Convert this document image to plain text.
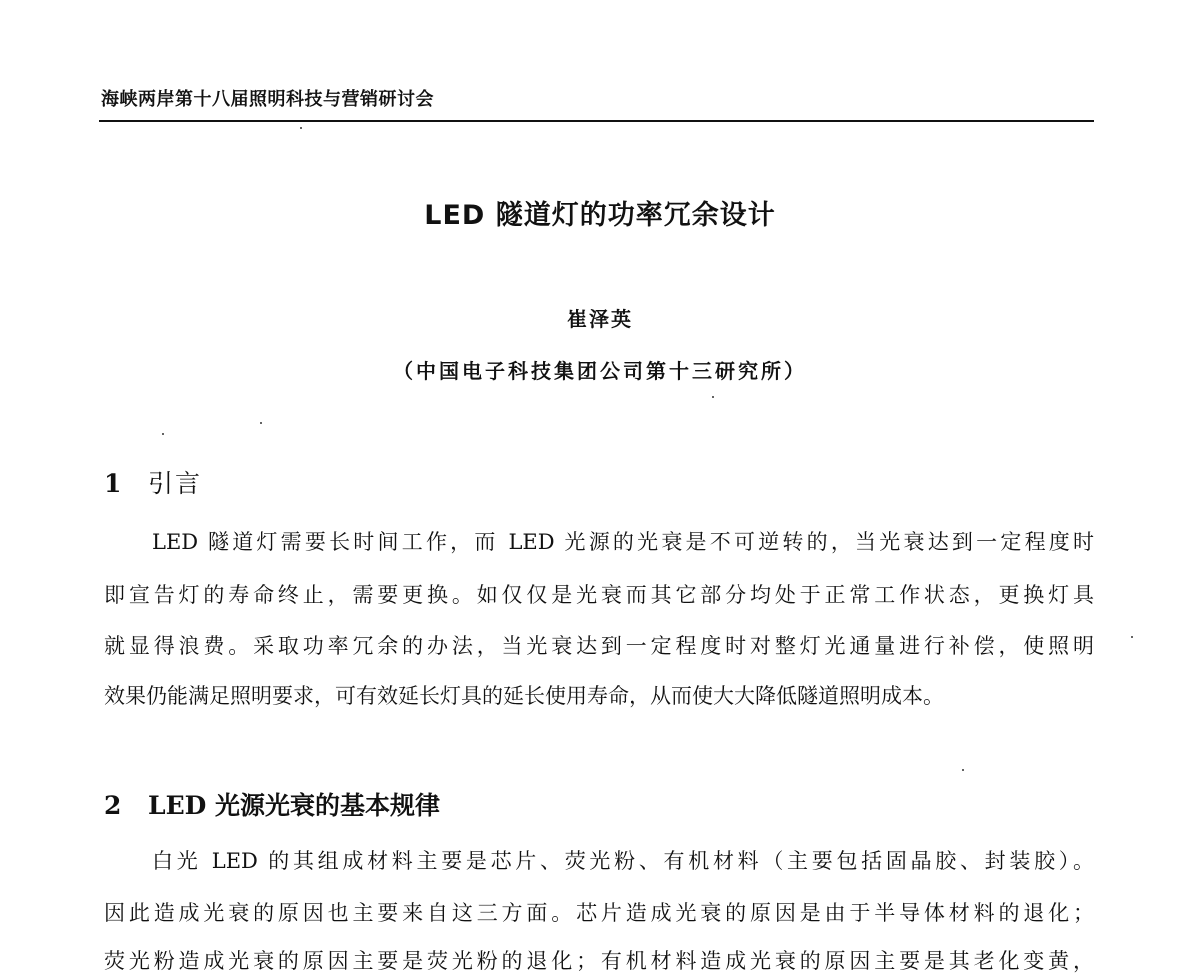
海峡两岸第十八届照明科技与营销研讨会
LED 隧道灯的功率冗余设计
崔泽英
（中国电子科技集团公司第十三研究所）
1 引言
LED 隧道灯需要长时间工作，而 LED 光源的光衰是不可逆转的，当光衰达到一定程度时
即宣告灯的寿命终止，需要更换。如仅仅是光衰而其它部分均处于正常工作状态，更换灯具
就显得浪费。采取功率冗余的办法，当光衰达到一定程度时对整灯光通量进行补偿，使照明
效果仍能满足照明要求，可有效延长灯具的延长使用寿命，从而使大大降低隧道照明成本。
2 LED 光源光衰的基本规律
白光 LED 的其组成材料主要是芯片、荧光粉、有机材料（主要包括固晶胶、封装胶）。
因此造成光衰的原因也主要来自这三方面。芯片造成光衰的原因是由于半导体材料的退化；
荧光粉造成光衰的原因主要是荧光粉的退化；有机材料造成光衰的原因主要是其老化变黄，
